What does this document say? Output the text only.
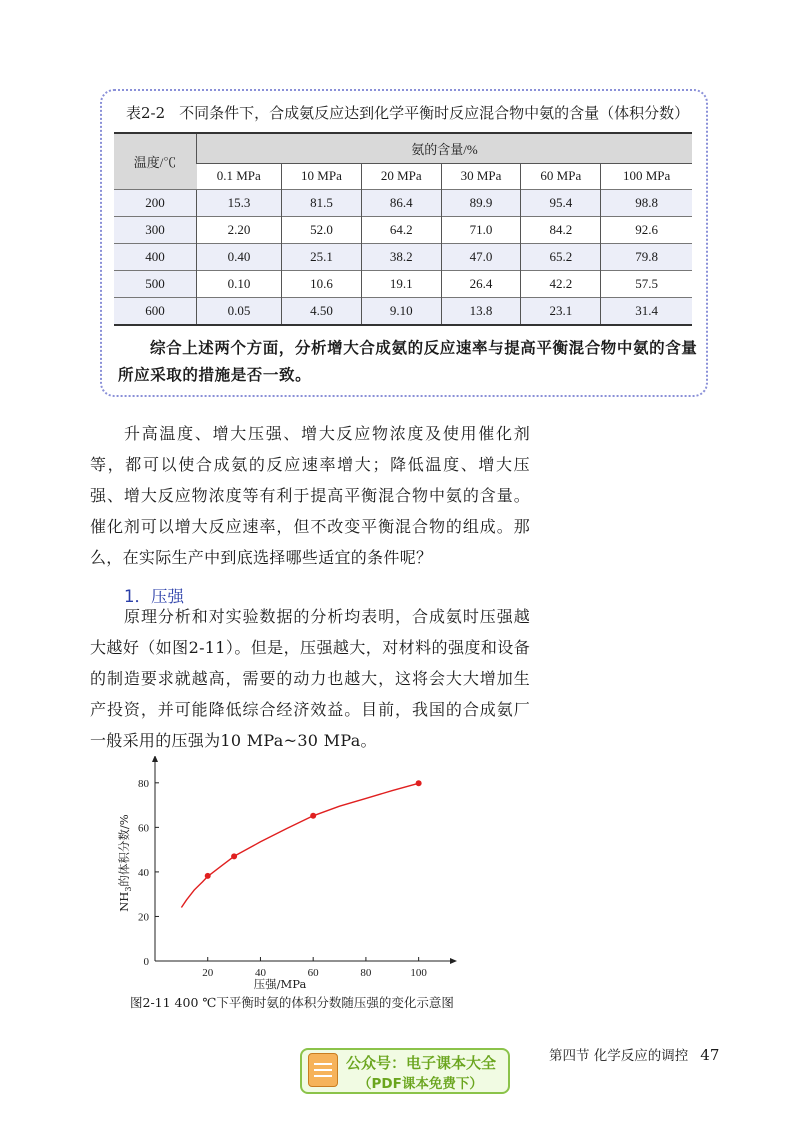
表2-2 不同条件下，合成氨反应达到化学平衡时反应混合物中氨的含量（体积分数）
温度/℃	氨的含量/%					
	0.1 MPa	10 MPa	20 MPa	30 MPa	60 MPa	100 MPa
200	15.3	81.5	86.4	89.9	95.4	98.8
300	2.20	52.0	64.2	71.0	84.2	92.6
400	0.40	25.1	38.2	47.0	65.2	79.8
500	0.10	10.6	19.1	26.4	42.2	57.5
600	0.05	4.50	9.10	13.8	23.1	31.4
综合上述两个方面，分析增大合成氨的反应速率与提高平衡混合物中氨的含量所应采取的措施是否一致。
升高温度、增大压强、增大反应物浓度及使用催化剂等，都可以使合成氨的反应速率增大；降低温度、增大压强、增大反应物浓度等有利于提高平衡混合物中氨的含量。催化剂可以增大反应速率，但不改变平衡混合物的组成。那么，在实际生产中到底选择哪些适宜的条件呢？
1．压强
原理分析和对实验数据的分析均表明，合成氨时压强越大越好（如图2-11）。但是，压强越大，对材料的强度和设备的制造要求就越高，需要的动力也越大，这将会大大增加生产投资，并可能降低综合经济效益。目前，我国的合成氨厂一般采用的压强为10 MPa~30 MPa。
20	40	60	80	100
0
20
40
60
80
压强/MPa
$NH_3$的体积分数/%
图2-11 400 ℃下平衡时氨的体积分数随压强的变化示意图
公众号：电子课本大全
（PDF课本免费下）
第四节 化学反应的调控 47
